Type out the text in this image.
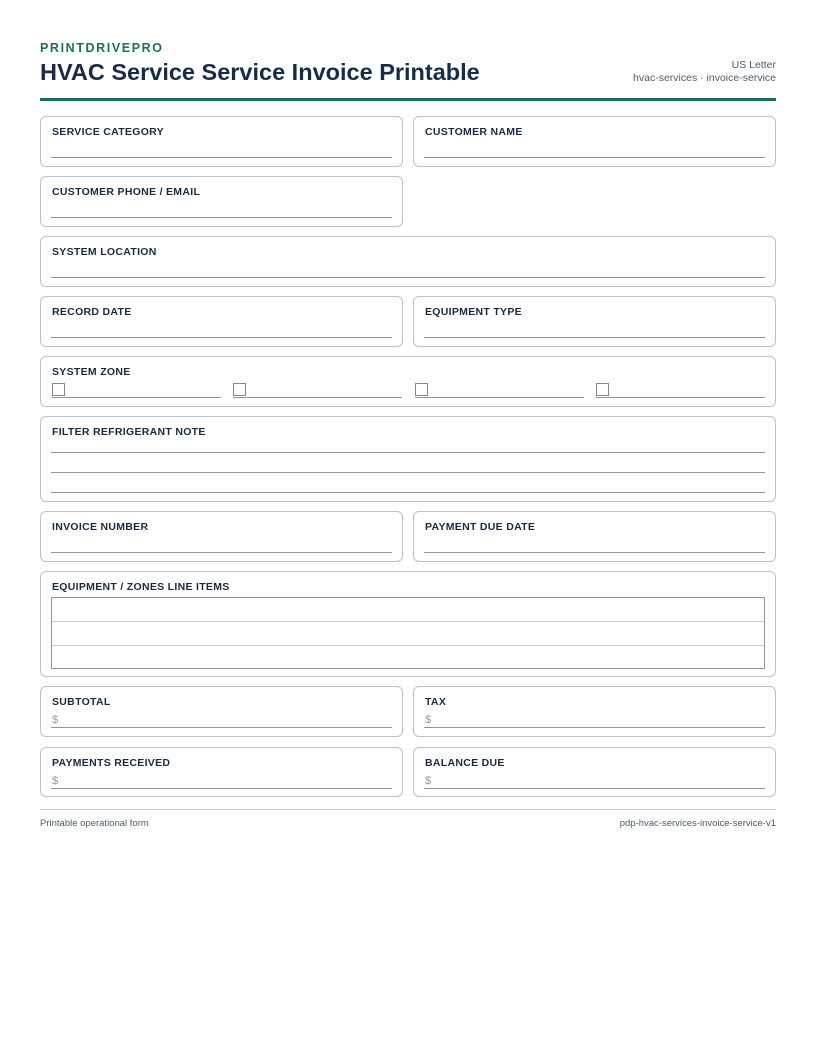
PRINTDRIVEPRO
HVAC Service Service Invoice Printable	US Letter
hvac-services · invoice-service
SERVICE CATEGORY	CUSTOMER NAME
CUSTOMER PHONE / EMAIL
SYSTEM LOCATION
RECORD DATE	EQUIPMENT TYPE
SYSTEM ZONE
FILTER REFRIGERANT NOTE
INVOICE NUMBER	PAYMENT DUE DATE
EQUIPMENT / ZONES LINE ITEMS
SUBTOTAL
$
TAX
$
PAYMENTS RECEIVED
$
BALANCE DUE
$
Printable operational form	pdp-hvac-services-invoice-service-v1
